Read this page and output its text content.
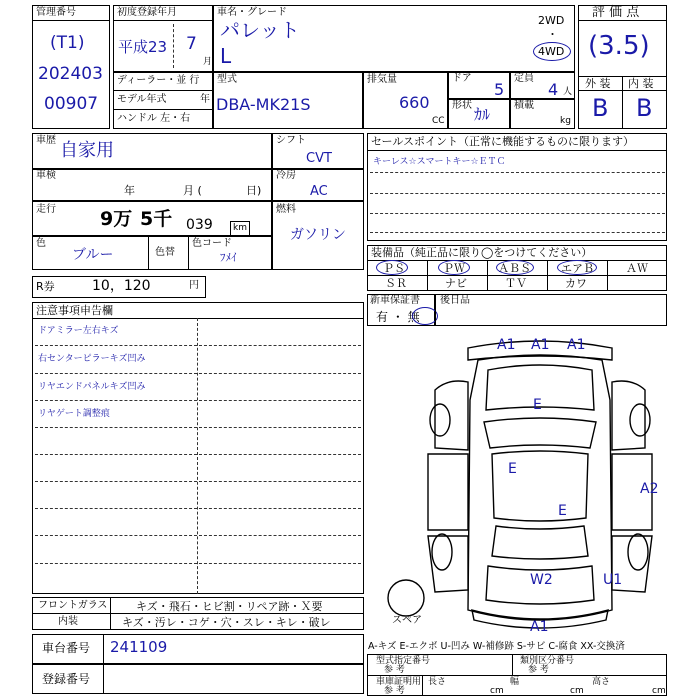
管理番号
(T1)
202403
00907
初度登録年月
平成23 7
月
車名・グレード
パレット
L
2WD
・
4WD
評 価 点
(3.5)
外 装 内 装
B B
ディーラー・並 行
モデル年式	年
ハンドル 左・右
型式
DBA-MK21S
排気量
660
CC
ドア
5
定員
4 人
形状 ｶﾙ 積載
kg
車歴 自家用
車検
年	月 (	日)
走行 9万 5千 039 km
色
ブルー	色替
色コード
ﾌﾒｲ
シフト
CVT
冷房
AC
燃料
ガソリン
セールスポイント（正常に機能するものに限ります）
キーレス☆スマートキー☆ＥＴＣ
装備品（純正品に限り◯をつけてください）
ＰＳ	ＰＷ	ＡＢＳ	エアＢ	ＡＷ
ＳＲ	ナビ	ＴＶ	カワ
R券	10，120	円
新車保証書
有 ・ 無
後日品
注意事項申告欄
ドアミラー左右キズ
右センターピラーキズ凹み
リヤエンドパネルキズ凹み
リヤゲート調整痕
A1 A1 A1
E
E
E
A2
W2	U1
A1
スペア
フロントガラス	キズ・飛石・ヒビ割・リペア跡・Ｘ要
内装	キズ・汚レ・コゲ・穴・スレ・キレ・破レ
車台番号 241109
登録番号
A-キズ E-エクボ U-凹み W-補修跡 S-サビ C-腐食 XX-交換済
型式指定番号
参 考
類別区分番号
参 考
車庫証明用
参 考
長さ
cm
幅
cm
高さ
cm
